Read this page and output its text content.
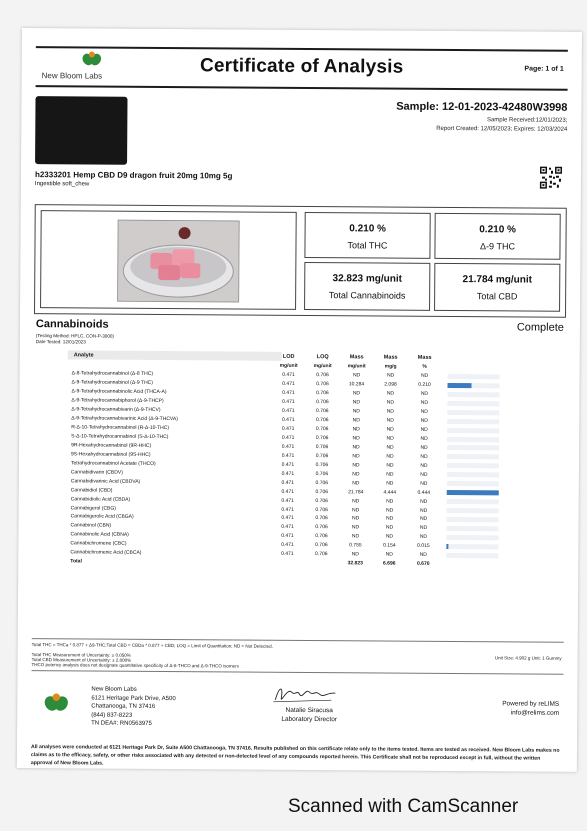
New Bloom Labs	Certificate of Analysis	Page: 1 of 1
Sample: 12-01-2023-42480W3998
Sample Received:12/01/2023;
Report Created: 12/05/2023; Expires: 12/03/2024
h2333201 Hemp CBD D9 dragon fruit 20mg 10mg 5g
Ingestible soft_chew
0.210 %
Total THC
0.210 %
Δ-9 THC
32.823 mg/unit
Total Cannabinoids
21.784 mg/unit
Total CBD
Cannabinoids	Complete
(Testing Method: HPLC, CON-P-3000)
Date Tested: 12/01/2023
Analyte	LOD	LOQ	Mass	Mass	Mass	
	mg/unit	mg/unit	mg/unit	mg/g	%	
Δ-8-Tetrahydrocannabinol (Δ-8 THC)	0.471	0.706	ND	ND	ND	

Δ-9-Tetrahydrocannabinol (Δ-9 THC)	0.471	0.706	10.284	2.098	0.210	

Δ-9-Tetrahydrocannabinolic Acid (THCA-A)	0.471	0.706	ND	ND	ND	

Δ-9-Tetrahydrocannabiphorol (Δ-9-THCP)	0.471	0.706	ND	ND	ND	

Δ-9-Tetrahydrocannabivarin (Δ-9-THCV)	0.471	0.706	ND	ND	ND	

Δ-9-Tetrahydrocannabivarinic Acid (Δ-9-THCVA)	0.471	0.706	ND	ND	ND	

R-Δ-10-Tetrahydrocannabinol (R-Δ-10-THC)	0.471	0.706	ND	ND	ND	

S-Δ-10-Tetrahydrocannabinol (S-Δ-10-THC)	0.471	0.706	ND	ND	ND	

9R-Hexahydrocannabinol (9R-HHC)	0.471	0.706	ND	ND	ND	

9S-Hexahydrocannabinol (9S-HHC)	0.471	0.706	ND	ND	ND	

Tetrahydrocannabinol Acetate (THCO)	0.471	0.706	ND	ND	ND	

Cannabidivarin (CBDV)	0.471	0.706	ND	ND	ND	

Cannabidivarinic Acid (CBDVA)	0.471	0.706	ND	ND	ND	

Cannabidiol (CBD)	0.471	0.706	21.784	4.444	0.444	

Cannabidiolic Acid (CBDA)	0.471	0.706	ND	ND	ND	

Cannabigerol (CBG)	0.471	0.706	ND	ND	ND	

Cannabigerolic Acid (CBGA)	0.471	0.706	ND	ND	ND	

Cannabinol (CBN)	0.471	0.706	ND	ND	ND	

Cannabinolic Acid (CBNA)	0.471	0.706	ND	ND	ND	

Cannabichromene (CBC)	0.471	0.706	0.755	0.154	0.015	

Cannabichromenic Acid (CBCA)	0.471	0.706	ND	ND	ND	

Total			32.823	6.696	0.670	
Total THC = THCa * 0.877 + Δ9-THC;Total CBD = CBDa * 0.877 + CBD; LOQ = Limit of Quantitation; ND = Not Detected.
Total THC Measurement of Uncertainty: ± 0.050%
Total CBD Measurement of Uncertainty: ± 2.000%
THCO potency analysis does not designate quantitative specificity of Δ-8-THCO and Δ-9-THCO isomers
Unit Size: 4.902 g Unit: 1 Gummy
New Bloom Labs
6121 Heritage Park Drive, A500
Chattanooga, TN 37416
(844) 837-8223
TN DEA#: RN0563975
Natalie Siracusa
Laboratory Director
Powered by reLIMS
info@relims.com
All analyses were conducted at 6121 Heritage Park Dr, Suite A500 Chattanooga, TN 37416. Results published on this certificate relate only to the items tested. Items are tested as received. New Bloom Labs makes no claims as to the efficacy, safety, or other risks associated with any detected or non-detected level of any compounds reported herein. This Certificate shall not be reproduced except in full, without the written approval of New Bloom Labs.
Scanned with CamScanner
